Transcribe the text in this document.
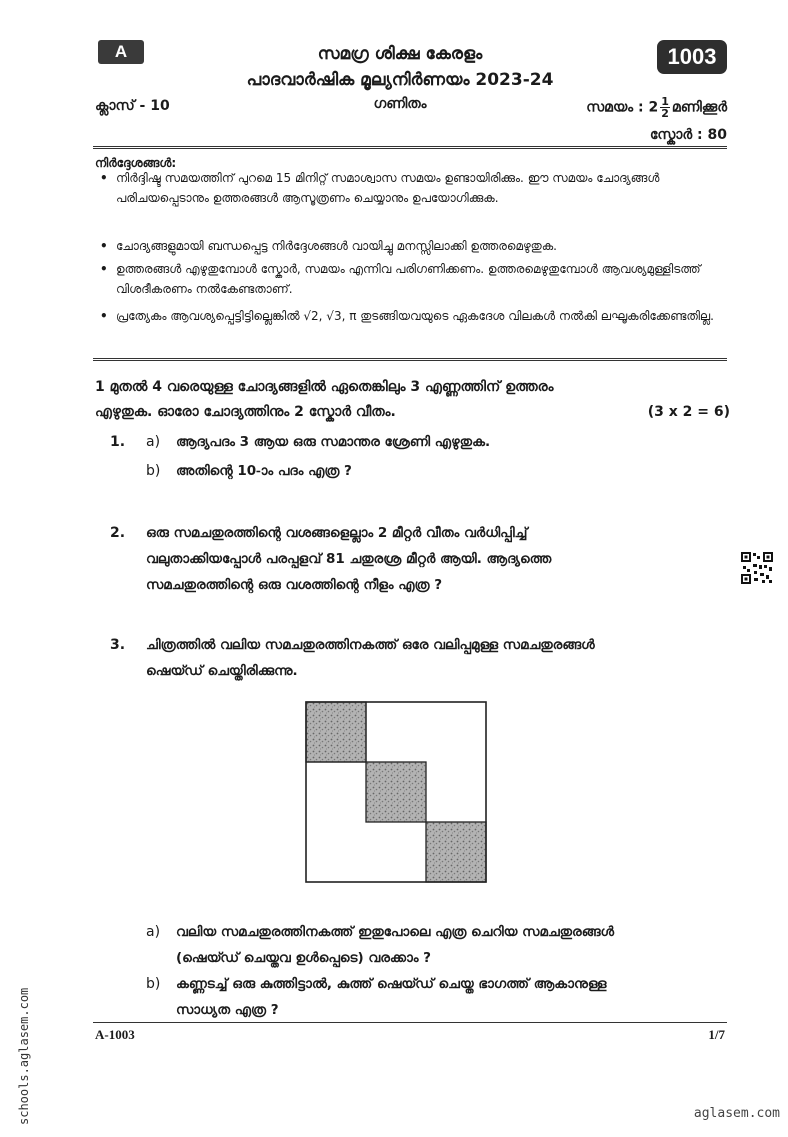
A	1003
സമഗ്ര ശിക്ഷ കേരളം
പാദവാർഷിക മൂല്യനിർണയം 2023-24
ക്ലാസ് - 10	ഗണിതം	സമയം : $2 \frac{1}{2}$ മണിക്കൂർ
സ്കോർ : 80
നിർദ്ദേശങ്ങൾ:
• നിർദ്ദിഷ്ട സമയത്തിന് പുറമെ 15 മിനിറ്റ് സമാശ്വാസ സമയം ഉണ്ടായിരിക്കും. ഈ സമയം ചോദ്യങ്ങൾ പരിചയപ്പെടാനും ഉത്തരങ്ങൾ ആസൂത്രണം ചെയ്യാനും ഉപയോഗിക്കുക.
• ചോദ്യങ്ങളുമായി ബന്ധപ്പെട്ട നിർദ്ദേശങ്ങൾ വായിച്ചു മനസ്സിലാക്കി ഉത്തരമെഴുതുക.
• ഉത്തരങ്ങൾ എഴുതുമ്പോൾ സ്കോർ, സമയം എന്നിവ പരിഗണിക്കണം. ഉത്തരമെഴുതുമ്പോൾ ആവശ്യമുള്ളിടത്ത് വിശദീകരണം നൽകേണ്ടതാണ്.
• പ്രത്യേകം ആവശ്യപ്പെട്ടിട്ടില്ലെങ്കിൽ √2, √3, π തുടങ്ങിയവയുടെ ഏകദേശ വിലകൾ നൽകി ലഘൂകരിക്കേണ്ടതില്ല.
1 മുതൽ 4 വരെയുള്ള ചോദ്യങ്ങളിൽ ഏതെങ്കിലും 3 എണ്ണത്തിന് ഉത്തരം
എഴുതുക. ഓരോ ചോദ്യത്തിനും 2 സ്കോർ വീതം.	(3 x 2 = 6)
1. a) ആദ്യപദം 3 ആയ ഒരു സമാന്തര ശ്രേണി എഴുതുക.
b) അതിന്റെ 10-ാം പദം എത്ര ?
2. ഒരു സമചതുരത്തിന്റെ വശങ്ങളെല്ലാം 2 മീറ്റർ വീതം വർധിപ്പിച്ച്
വലുതാക്കിയപ്പോൾ പരപ്പളവ് 81 ചതുരശ്ര മീറ്റർ ആയി. ആദ്യത്തെ
സമചതുരത്തിന്റെ ഒരു വശത്തിന്റെ നീളം എത്ര ?
3. ചിത്രത്തിൽ വലിയ സമചതുരത്തിനകത്ത് ഒരേ വലിപ്പമുള്ള സമചതുരങ്ങൾ
ഷെയ്ഡ് ചെയ്തിരിക്കുന്നു.
a) വലിയ സമചതുരത്തിനകത്ത് ഇതുപോലെ എത്ര ചെറിയ സമചതുരങ്ങൾ
(ഷെയ്ഡ് ചെയ്തവ ഉൾപ്പെടെ) വരക്കാം ?
b) കണ്ണടച്ച് ഒരു കുത്തിട്ടാൽ, കുത്ത് ഷെയ്ഡ് ചെയ്ത ഭാഗത്ത് ആകാനുള്ള
സാധ്യത എത്ര ?
A-1003	1/7
schools.aglasem.com	aglasem.com
